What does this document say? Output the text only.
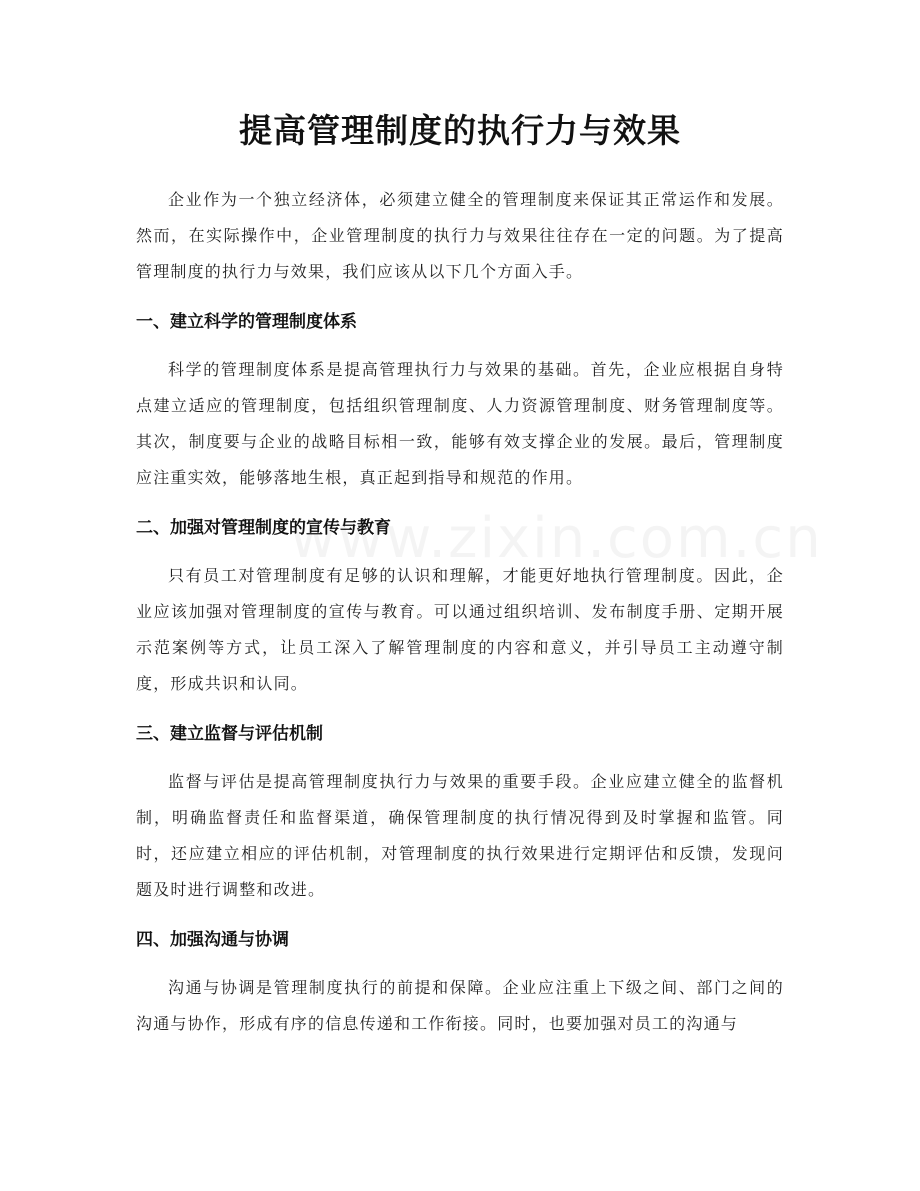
提高管理制度的执行力与效果

企业作为一个独立经济体，必须建立健全的管理制度来保证其正常运作和发展。然而，在实际操作中，企业管理制度的执行力与效果往往存在一定的问题。为了提高管理制度的执行力与效果，我们应该从以下几个方面入手。

一、建立科学的管理制度体系

科学的管理制度体系是提高管理执行力与效果的基础。首先，企业应根据自身特点建立适应的管理制度，包括组织管理制度、人力资源管理制度、财务管理制度等。其次，制度要与企业的战略目标相一致，能够有效支撑企业的发展。最后，管理制度应注重实效，能够落地生根，真正起到指导和规范的作用。

二、加强对管理制度的宣传与教育

只有员工对管理制度有足够的认识和理解，才能更好地执行管理制度。因此，企业应该加强对管理制度的宣传与教育。可以通过组织培训、发布制度手册、定期开展示范案例等方式，让员工深入了解管理制度的内容和意义，并引导员工主动遵守制度，形成共识和认同。

三、建立监督与评估机制

监督与评估是提高管理制度执行力与效果的重要手段。企业应建立健全的监督机制，明确监督责任和监督渠道，确保管理制度的执行情况得到及时掌握和监管。同时，还应建立相应的评估机制，对管理制度的执行效果进行定期评估和反馈，发现问题及时进行调整和改进。

四、加强沟通与协调

沟通与协调是管理制度执行的前提和保障。企业应注重上下级之间、部门之间的沟通与协作，形成有序的信息传递和工作衔接。同时，也要加强对员工的沟通与
